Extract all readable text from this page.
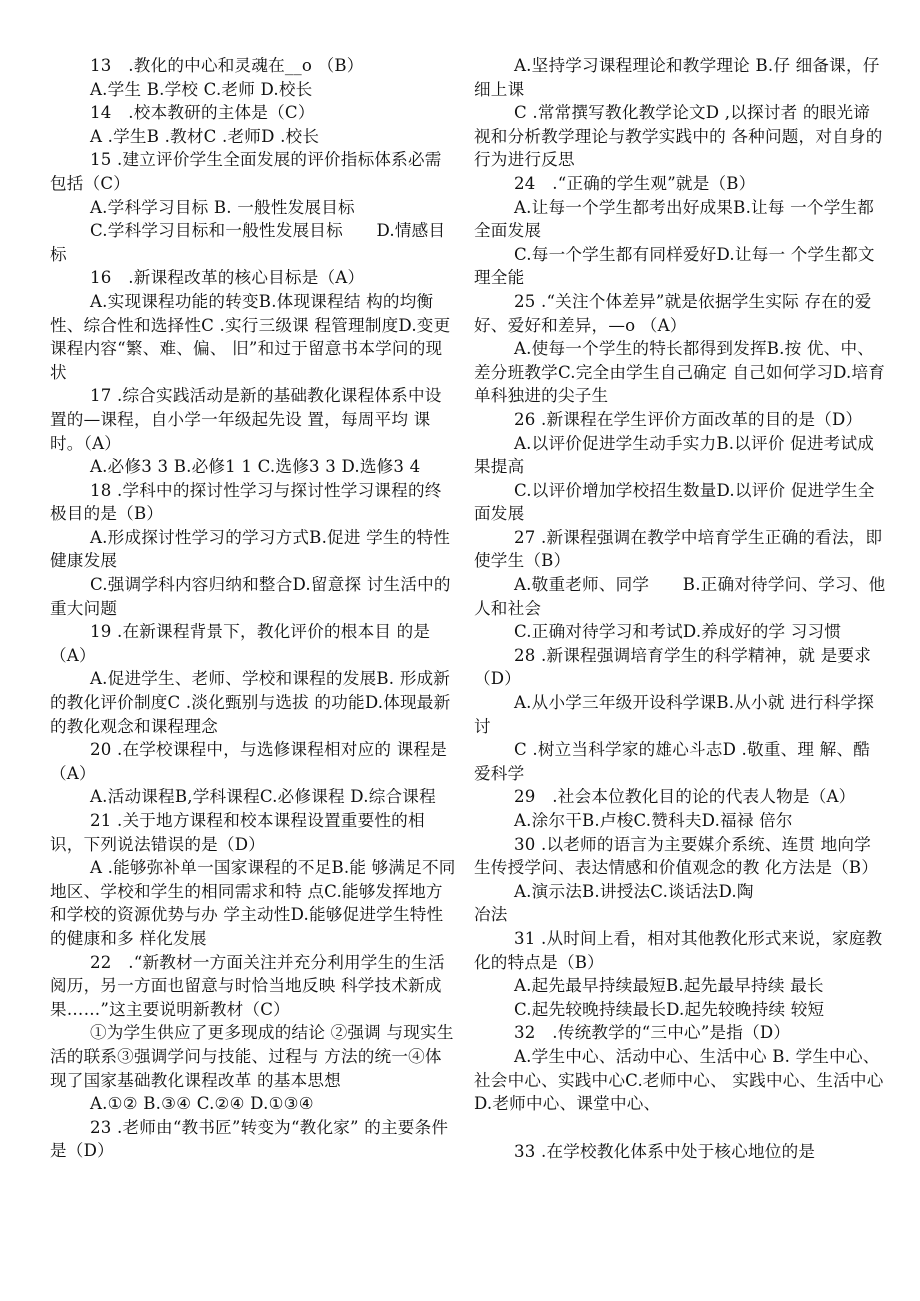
13　.教化的中心和灵魂在__o （B）

A.学生 B.学校 C.老师 D.校长

14　.校本教研的主体是（C）

A .学生B .教材C .老师D .校长

15 .建立评价学生全面发展的评价指标体系必需包括（C）

A.学科学习目标 B. 一般性发展目标

C.学科学习目标和一般性发展目标　　D.情感目标

16　.新课程改革的核心目标是（A）

A.实现课程功能的转变B.体现课程结 构的均衡性、综合性和选择性C .实行三级课 程管理制度D.变更课程内容“繁、难、偏、 旧”和过于留意书本学问的现状

17 .综合实践活动是新的基础教化课程体系中设置的—课程，自小学一年级起先设 置，每周平均 课时。（A）

A.必修3 3 B.必修1 1 C.选修3 3 D.选修3 4

18 .学科中的探讨性学习与探讨性学习课程的终极目的是（B）

A.形成探讨性学习的学习方式B.促进 学生的特性健康发展

C.强调学科内容归纳和整合D.留意探 讨生活中的重大问题

19 .在新课程背景下，教化评价的根本目 的是（A）

A.促进学生、老师、学校和课程的发展B. 形成新的教化评价制度C .淡化甄别与选拔 的功能D.体现最新的教化观念和课程理念

20 .在学校课程中，与选修课程相对应的 课程是（A）

A.活动课程B,学科课程C.必修课程 D.综合课程

21 .关于地方课程和校本课程设置重要性的相识，下列说法错误的是（D）

A .能够弥补单一国家课程的不足B.能 够满足不同地区、学校和学生的相同需求和特 点C.能够发挥地方和学校的资源优势与办 学主动性D.能够促进学生特性的健康和多 样化发展

22　.“新教材一方面关注并充分利用学生的生活阅历，另一方面也留意与时恰当地反映 科学技术新成果……”这主要说明新教材（C）

①为学生供应了更多现成的结论 ②强调 与现实生活的联系③强调学问与技能、过程与 方法的统一④体现了国家基础教化课程改革 的基本思想

A.①② B.③④ C.②④ D.①③④

23 .老师由“教书匠”转变为“教化家” 的主要条件是（D）

A.坚持学习课程理论和教学理论 B.仔 细备课，仔细上课

C .常常撰写教化教学论文D ,以探讨者 的眼光谛视和分析教学理论与教学实践中的 各种问题，对自身的行为进行反思

24　.“正确的学生观”就是（B）

A.让每一个学生都考出好成果B.让每 一个学生都全面发展

C.每一个学生都有同样爱好D.让每一 个学生都文理全能

25 .“关注个体差异”就是依据学生实际 存在的爱好、爱好和差异，—o （A）

A.使每一个学生的特长都得到发挥B.按 优、中、差分班教学C.完全由学生自己确定 自己如何学习D.培育单科独进的尖子生

26 .新课程在学生评价方面改革的目的是（D）

A.以评价促进学生动手实力B.以评价 促进考试成果提高

C.以评价增加学校招生数量D.以评价 促进学生全面发展

27 .新课程强调在教学中培育学生正确的看法，即使学生（B）

A.敬重老师、同学　　B.正确对待学问、学习、他人和社会

C.正确对待学习和考试D.养成好的学 习习惯

28 .新课程强调培育学生的科学精神，就 是要求（D）

A.从小学三年级开设科学课B.从小就 进行科学探讨

C .树立当科学家的雄心斗志D .敬重、理 解、酷爱科学

29　.社会本位教化目的论的代表人物是（A）

A.涂尔干B.卢梭C.赞科夫D.福禄 倍尔

30 .以老师的语言为主要媒介系统、连贯 地向学生传授学问、表达情感和价值观念的教 化方法是（B）

A.演示法B.讲授法C.谈话法D.陶

冶法

31 .从时间上看，相对其他教化形式来说，家庭教化的特点是（B）

A.起先最早持续最短B.起先最早持续 最长

C.起先较晚持续最长D.起先较晚持续 较短

32　.传统教学的“三中心”是指（D）

A.学生中心、活动中心、生活中心 B. 学生中心、社会中心、实践中心C.老师中心、 实践中心、生活中心 D.老师中心、课堂中心、

33 .在学校教化体系中处于核心地位的是
